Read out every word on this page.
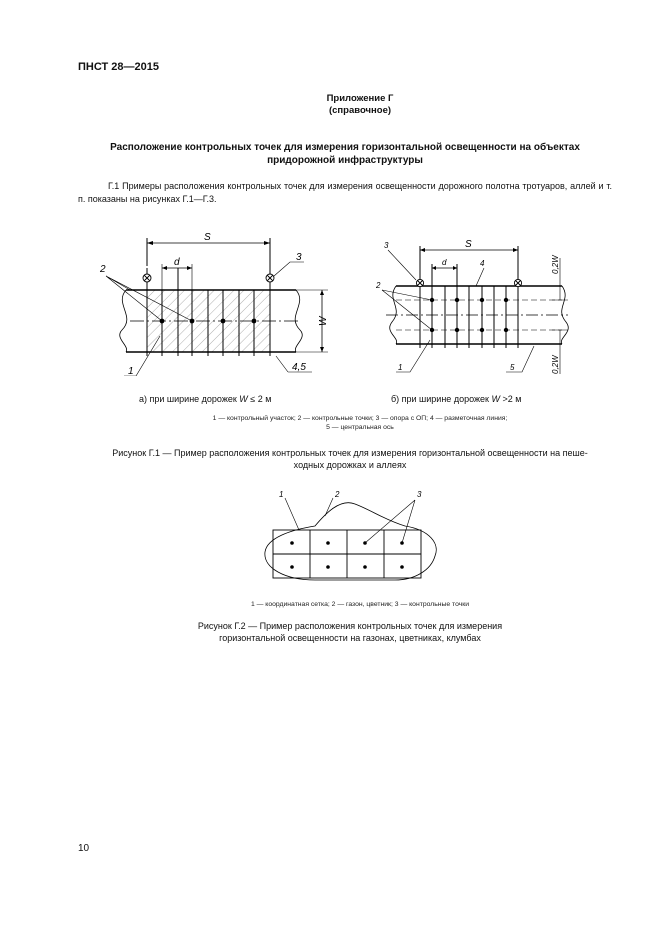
ПНСТ 28—2015
Приложение Г
(справочное)
Расположение контрольных точек для измерения горизонтальной освещенности на объектах
придорожной инфраструктуры
Г.1 Примеры расположения контрольных точек для измерения освещенности дорожного полотна тротуаров, аллей и т. п. показаны на рисунках Г.1—Г.3.
S
d
W
2
3
1	4,5
S
d	0,2W
0,2W
3
4
2
1	5
а) при ширине дорожек W ≤ 2 м	б) при ширине дорожек W >2 м
1 — контрольный участок; 2 — контрольные точки; 3 — опора с ОП; 4 — разметочная линия;
5 — центральная ось
Рисунок Г.1 — Пример расположения контрольных точек для измерения горизонтальной освещенности на пеше-
ходных дорожках и аллеях
1	2	3
1 — координатная сетка; 2 — газон, цветник; 3 — контрольные точки
Рисунок Г.2 — Пример расположения контрольных точек для измерения
горизонтальной освещенности на газонах, цветниках, клумбах
10
